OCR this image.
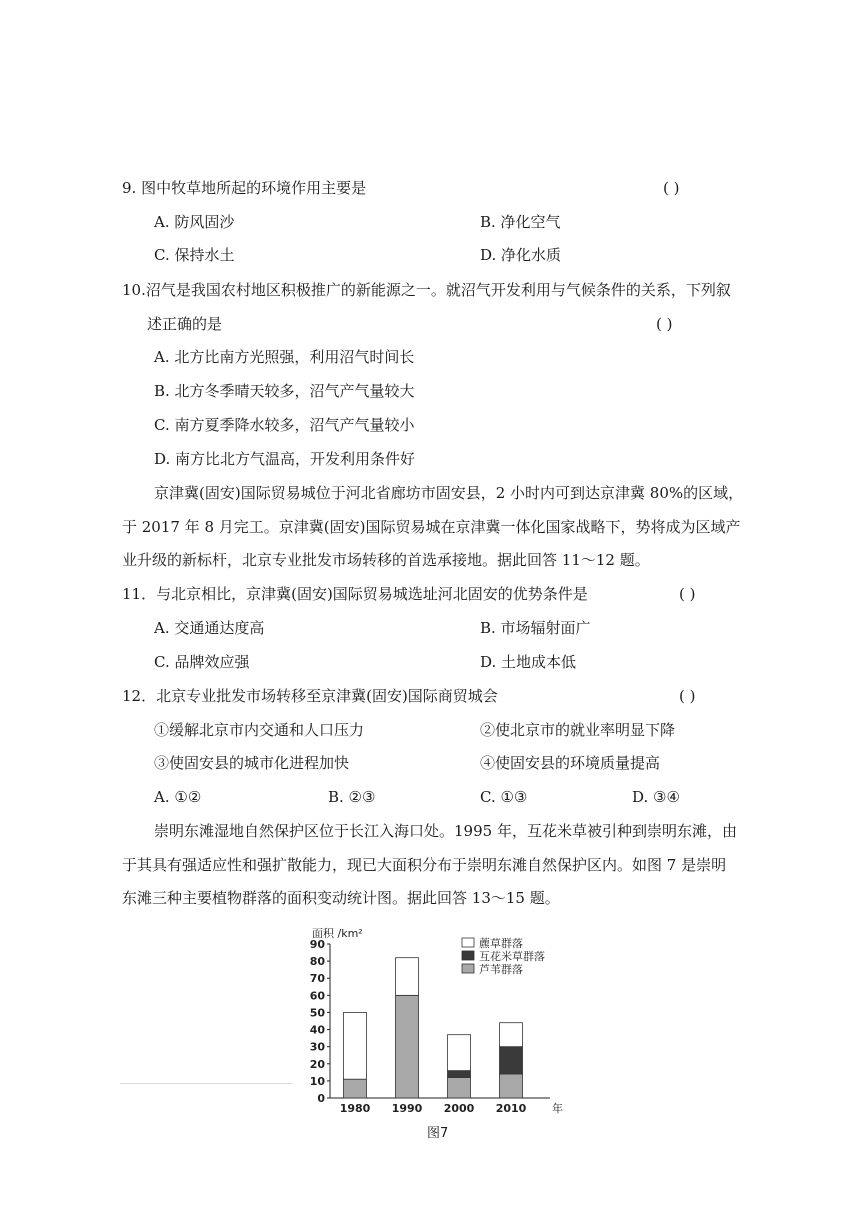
9. 图中牧草地所起的环境作用主要是	( )
A. 防风固沙	B. 净化空气
C. 保持水土	D. 净化水质
10.沼气是我国农村地区积极推广的新能源之一。就沼气开发利用与气候条件的关系，下列叙
述正确的是	( )
A. 北方比南方光照强，利用沼气时间长
B. 北方冬季晴天较多，沼气产气量较大
C. 南方夏季降水较多，沼气产气量较小
D. 南方比北方气温高，开发利用条件好
京津冀(固安)国际贸易城位于河北省廊坊市固安县，2 小时内可到达京津冀 80%的区域，
于 2017 年 8 月完工。京津冀(固安)国际贸易城在京津冀一体化国家战略下，势将成为区域产
业升级的新标杆，北京专业批发市场转移的首选承接地。据此回答 11～12 题。
11．与北京相比，京津冀(固安)国际贸易城选址河北固安的优势条件是	( )
A. 交通通达度高	B. 市场辐射面广
C. 品牌效应强	D. 土地成本低
12．北京专业批发市场转移至京津冀(固安)国际商贸城会	( )
①缓解北京市内交通和人口压力	②使北京市的就业率明显下降
③使固安县的城市化进程加快	④使固安县的环境质量提高
A. ①②	B. ②③	C. ①③	D. ③④
崇明东滩湿地自然保护区位于长江入海口处。1995 年，互花米草被引种到崇明东滩，由
于其具有强适应性和强扩散能力，现已大面积分布于崇明东滩自然保护区内。如图 7 是崇明
东滩三种主要植物群落的面积变动统计图。据此回答 13～15 题。
0
10
20
30
40
50
60
70
80
90
面积 /km²
1980 1990 2000 2010 年
藨草群落
互花米草群落
芦苇群落
图7
